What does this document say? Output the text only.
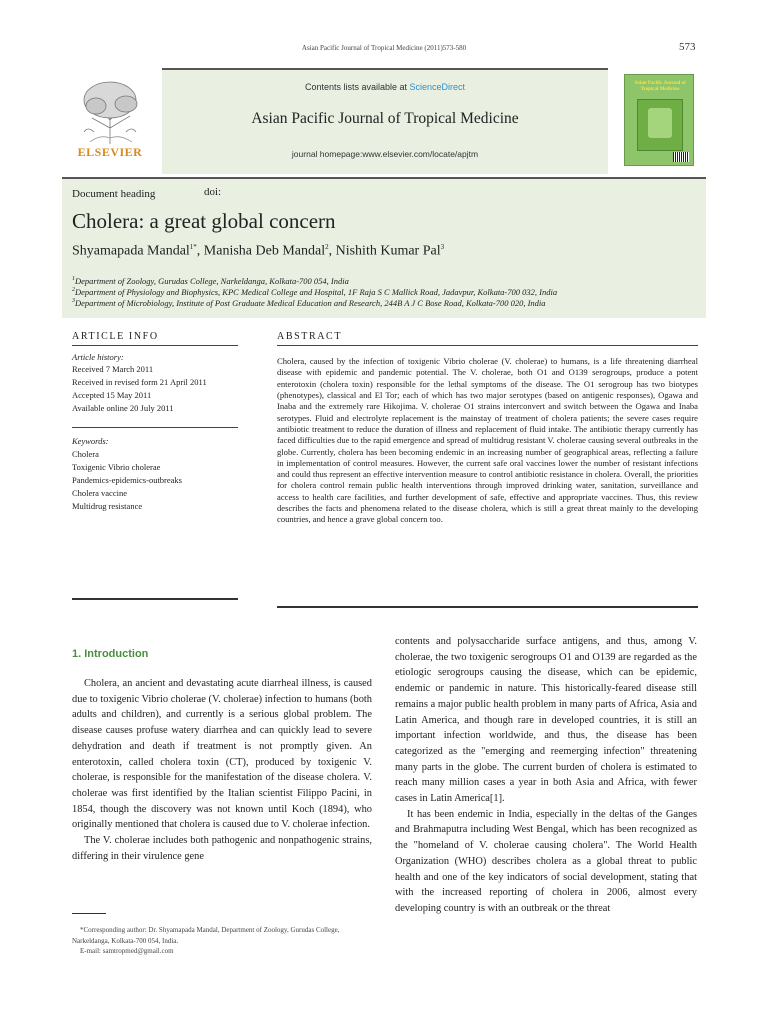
Asian Pacific Journal of Tropical Medicine (2011)573-580	573
ELSEVIER
Contents lists available at ScienceDirect
Asian Pacific Journal of Tropical Medicine
journal homepage:www.elsevier.com/locate/apjtm
Asian Pacific Journal of Tropical Medicine
Document heading	doi:
Cholera: a great global concern
Shyamapada Mandal$^{1*}$, Manisha Deb Mandal$^2$, Nishith Kumar Pal$^3$
$^1$Department of Zoology, Gurudas College, Narkeldanga, Kolkata-700 054, India
$^2$Department of Physiology and Biophysics, KPC Medical College and Hospital, 1F Raja S C Mallick Road, Jadavpur, Kolkata-700 032, India
$^3$Department of Microbiology, Institute of Post Graduate Medical Education and Research, 244B A J C Bose Road, Kolkata-700 020, India
ARTICLE INFO
Article history:
Received 7 March 2011
Received in revised form 21 April 2011
Accepted 15 May 2011
Available online 20 July 2011
Keywords:
Cholera
Toxigenic Vibrio cholerae
Pandemics-epidemics-outbreaks
Cholera vaccine
Multidrug resistance
ABSTRACT
Cholera, caused by the infection of toxigenic Vibrio cholerae (V. cholerae) to humans, is a life threatening diarrheal disease with epidemic and pandemic potential. The V. cholerae, both O1 and O139 serogroups, produce a potent enterotoxin (cholera toxin) responsible for the lethal symptoms of the disease. The O1 serogroup has two biotypes (phenotypes), classical and El Tor; each of which has two major serotypes (based on antigenic responses), Ogawa and Inaba and the extremely rare Hikojima. V. cholerae O1 strains interconvert and switch between the Ogawa and Inaba serotypes. Fluid and electrolyte replacement is the mainstay of treatment of cholera patients; the severe cases require antibiotic treatment to reduce the duration of illness and replacement of fluid intake. The antibiotic therapy currently has faced difficulties due to the rapid emergence and spread of multidrug resistant V. cholerae causing several outbreaks in the globe. Currently, cholera has been becoming endemic in an increasing number of geographical areas, reflecting a failure in implementation of control measures. However, the current safe oral vaccines lower the number of resistant infections and could thus represent an effective intervention measure to control antibiotic resistance in cholera. Overall, the priorities for cholera control remain public health interventions through improved drinking water, sanitation, surveillance and access to health care facilities, and further development of safe, effective and appropriate vaccines. Thus, this review describes the facts and phenomena related to the disease cholera, which is still a great threat mainly to the developing countries, and hence a grave global concern too.
1. Introduction

Cholera, an ancient and devastating acute diarrheal illness, is caused due to toxigenic Vibrio cholerae (V. cholerae) infection to humans (both adults and children), and currently is a serious global problem. The disease causes profuse watery diarrhea and can quickly lead to severe dehydration and death if treatment is not promptly given. An enterotoxin, called cholera toxin (CT), produced by toxigenic V. cholerae, is responsible for the manifestation of the disease cholera. V. cholerae was first identified by the Italian scientist Filippo Pacini, in 1854, though the discovery was not known until Koch (1894), who originally mentioned that cholera is caused due to V. cholerae infection.

The V. cholerae includes both pathogenic and nonpathogenic strains, differing in their virulence gene

contents and polysaccharide surface antigens, and thus, among V. cholerae, the two toxigenic serogroups O1 and O139 are regarded as the etiologic serogroups causing the disease, which can be epidemic, endemic or pandemic in nature. This historically-feared disease still remains a major public health problem in many parts of Africa, Asia and Latin America, and though rare in developed countries, it is still an important infection worldwide, and thus, the disease has been categorized as the "emerging and reemerging infection" threatening many parts in the globe. The current burden of cholera is estimated to reach many million cases a year in both Asia and Africa, with fewer cases in Latin America[1].

It has been endemic in India, especially in the deltas of the Ganges and Brahmaputra including West Bengal, which has been recognized as the "homeland of V. cholerae causing cholera". The World Health Organization (WHO) describes cholera as a global threat to public health and one of the key indicators of social development, stating that with the increased reporting of cholera in 2006, almost every developing country is with an outbreak or the threat

*Corresponding author: Dr. Shyamapada Mandal, Department of Zoology, Gurudas College, Narkeldanga, Kolkata-700 054, India.
E-mail: samtropmed@gmail.com
